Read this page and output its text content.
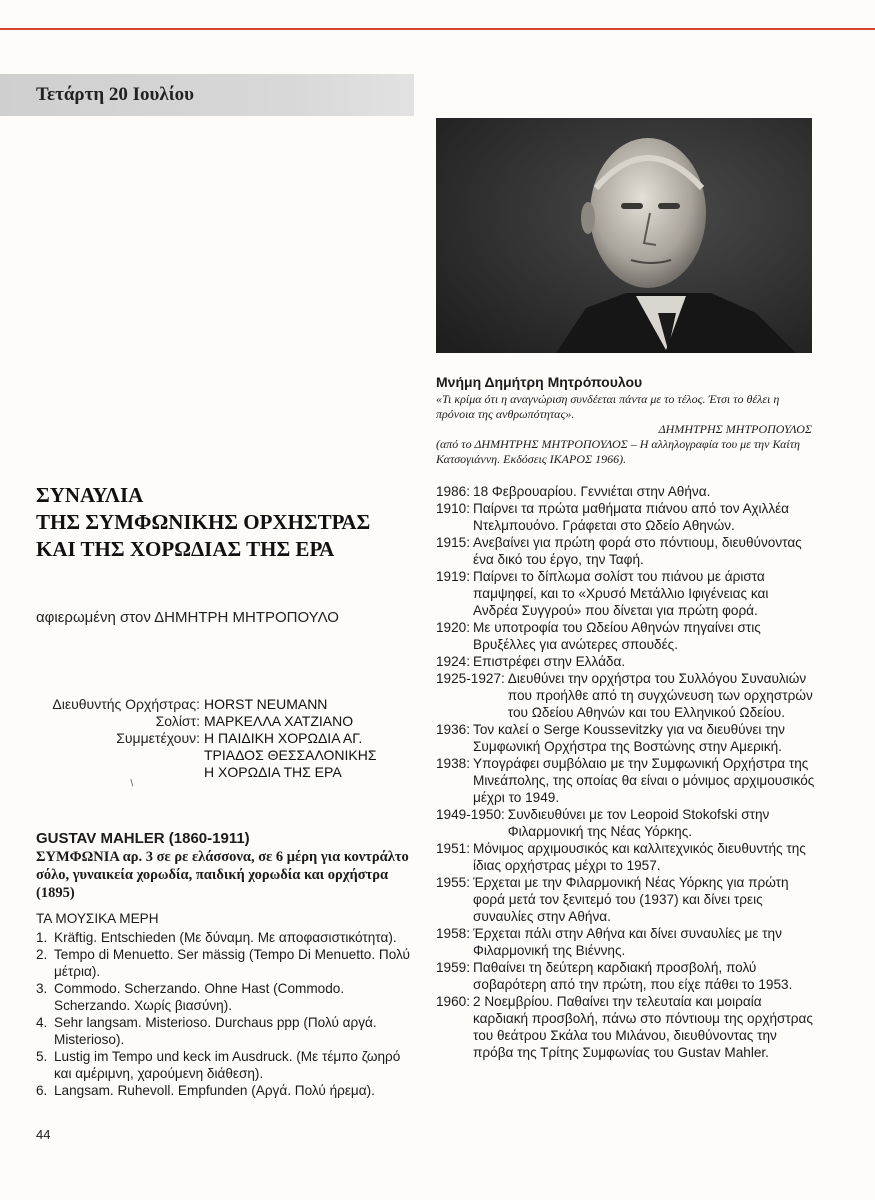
Τετάρτη 20 Ιουλίου
Μνήμη Δημήτρη Μητρόπουλου
«Τι κρίμα ότι η αναγνώριση συνδέεται πάντα με το τέλος. Έτσι το θέλει η πρόνοια της ανθρωπότητας».
ΔΗΜΗΤΡΗΣ ΜΗΤΡΟΠΟΥΛΟΣ
(από το ΔΗΜΗΤΡΗΣ ΜΗΤΡΟΠΟΥΛΟΣ – Η αλληλογραφία του με την Καίτη Κατσογιάννη. Εκδόσεις ΙΚΑΡΟΣ 1966).
ΣΥΝΑΥΛΙΑ
ΤΗΣ ΣΥΜΦΩΝΙΚΗΣ ΟΡΧΗΣΤΡΑΣ
ΚΑΙ ΤΗΣ ΧΟΡΩΔΙΑΣ ΤΗΣ ΕΡΑ
αφιερωμένη στον ΔΗΜΗΤΡΗ ΜΗΤΡΟΠΟΥΛΟ
Διευθυντής Ορχήστρας: HORST NEUMANN
Σολίστ: ΜΑΡΚΕΛΛΑ ΧΑΤΖΙΑΝΟ
Συμμετέχουν: Η ΠΑΙΔΙΚΗ ΧΟΡΩΔΙΑ ΑΓ.
ΤΡΙΑΔΟΣ ΘΕΣΣΑΛΟΝΙΚΗΣ
Η ΧΟΡΩΔΙΑ ΤΗΣ ΕΡΑ
/
GUSTAV MAHLER (1860-1911)
ΣΥΜΦΩΝΙΑ αρ. 3 σε ρε ελάσσονα, σε 6 μέρη για κοντράλτο σόλο, γυναικεία χορωδία, παιδική χορωδία και ορχήστρα (1895)
ΤΑ ΜΟΥΣΙΚΑ ΜΕΡΗ
1. Kräftig. Entschieden (Με δύναμη. Με αποφασιστικότητα).
2. Tempo di Menuetto. Ser mässig (Tempo Di Menuetto. Πολύ μέτρια).
3. Commodo. Scherzando. Ohne Hast (Commodo. Scherzando. Χωρίς βιασύνη).
4. Sehr langsam. Misterioso. Durchaus ppp (Πολύ αργά. Misterioso).
5. Lustig im Tempo und keck im Ausdruck. (Με τέμπο ζωηρό και αμέριμνη, χαρούμενη διάθεση).
6. Langsam. Ruhevoll. Empfunden (Αργά. Πολύ ήρεμα).
44
1986: 18 Φεβρουαρίου. Γεννιέται στην Αθήνα.
1910: Παίρνει τα πρώτα μαθήματα πιάνου από τον Αχιλλέα Ντελμπουόνο. Γράφεται στο Ωδείο Αθηνών.
1915: Ανεβαίνει για πρώτη φορά στο πόντιουμ, διευθύνοντας ένα δικό του έργο, την Ταφή.
1919: Παίρνει το δίπλωμα σολίστ του πιάνου με άριστα παμψηφεί, και το «Χρυσό Μετάλλιο Ιφιγένειας και Ανδρέα Συγγρού» που δίνεται για πρώτη φορά.
1920: Με υποτροφία του Ωδείου Αθηνών πηγαίνει στις Βρυξέλλες για ανώτερες σπουδές.
1924: Επιστρέφει στην Ελλάδα.
1925-1927: Διευθύνει την ορχήστρα του Συλλόγου Συναυλιών που προήλθε από τη συγχώνευση των ορχηστρών του Ωδείου Αθηνών και του Ελληνικού Ωδείου.
1936: Τον καλεί ο Serge Koussevitzky για να διευθύνει την Συμφωνική Ορχήστρα της Βοστώνης στην Αμερική.
1938: Υπογράφει συμβόλαιο με την Συμφωνική Ορχήστρα της Μινεάπολης, της οποίας θα είναι ο μόνιμος αρχιμουσικός μέχρι το 1949.
1949-1950: Συνδιευθύνει με τον Leopoid Stokofski στην Φιλαρμονική της Νέας Υόρκης.
1951: Μόνιμος αρχιμουσικός και καλλιτεχνικός διευθυντής της ίδιας ορχήστρας μέχρι το 1957.
1955: Έρχεται με την Φιλαρμονική Νέας Υόρκης για πρώτη φορά μετά τον ξενιτεμό του (1937) και δίνει τρεις συναυλίες στην Αθήνα.
1958: Έρχεται πάλι στην Αθήνα και δίνει συναυλίες με την Φιλαρμονική της Βιέννης.
1959: Παθαίνει τη δεύτερη καρδιακή προσβολή, πολύ σοβαρότερη από την πρώτη, που είχε πάθει το 1953.
1960: 2 Νοεμβρίου. Παθαίνει την τελευταία και μοιραία καρδιακή προσβολή, πάνω στο πόντιουμ της ορχήστρας του θεάτρου Σκάλα του Μιλάνου, διευθύνοντας την πρόβα της Τρίτης Συμφωνίας του Gustav Mahler.
